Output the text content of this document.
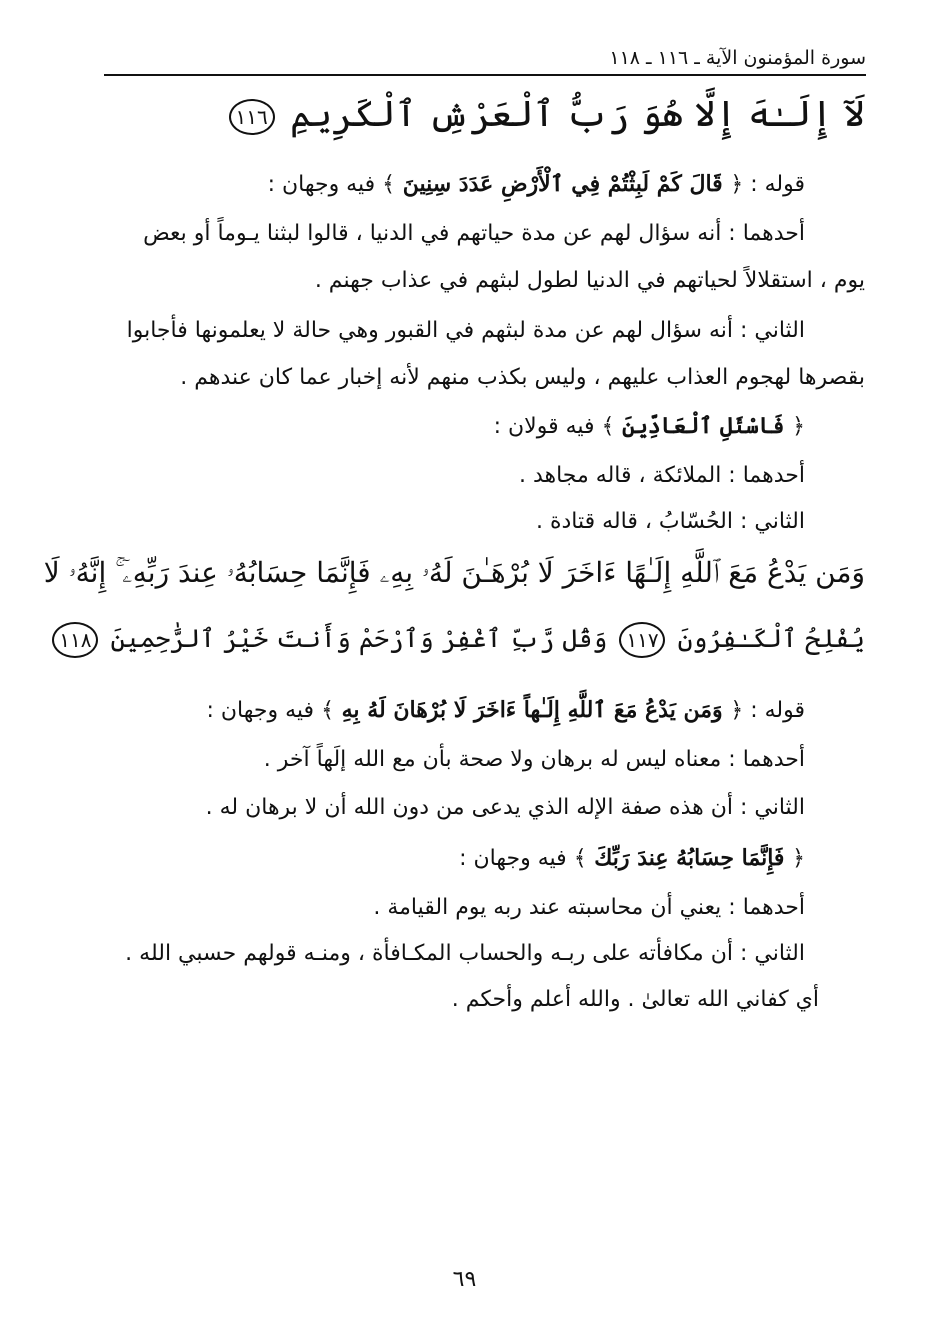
سورة المؤمنون الآية ـ ١١٦ ـ ١١٨
لَآ إِلَـٰهَ إِلَّا هُوَ رَبُّ ٱلْعَرْشِ ٱلْكَرِيمِ ١١٦
قوله : ﴿ قَالَ كَمْ لَبِثْتُمْ فِي ٱلْأَرْضِ عَدَدَ سِنِينَ ﴾ فيه وجهان :
أحدهما : أنه سؤال لهم عن مدة حياتهم في الدنيا ، قالوا لبثنا يـوماً أو بعض
يوم ، استقلالاً لحياتهم في الدنيا لطول لبثهم في عذاب جهنم .
الثاني : أنه سؤال لهم عن مدة لبثهم في القبور وهي حالة لا يعلمونها فأجابوا
بقصرها لهجوم العذاب عليهم ، وليس بكذب منهم لأنه إخبار عما كان عندهم .
﴿ فَاسْئَلِ ٱلْعَادِّينَ ﴾ فيه قولان :
أحدهما : الملائكة ، قاله مجاهد .
الثاني : الحُسّابُ ، قاله قتادة .
وَمَن يَدْعُ مَعَ ٱللَّهِ إِلَـٰهًا ءَاخَرَ لَا بُرْهَـٰنَ لَهُۥ بِهِۦ فَإِنَّمَا حِسَابُهُۥ عِندَ رَبِّهِۦٓ ۚ إِنَّهُۥ لَا
يُفْلِحُ ٱلْكَـٰفِرُونَ ١١٧ وَقُل رَّبِّ ٱغْفِرْ وَٱرْحَمْ وَأَنتَ خَيْرُ ٱلرَّٰحِمِينَ ١١٨
قوله : ﴿ وَمَن يَدْعُ مَعَ ٱللَّهِ إِلَـٰهاً ءَاخَرَ لَا بُرْهَانَ لَهُ بِهِ ﴾ فيه وجهان :
أحدهما : معناه ليس له برهان ولا صحة بأن مع الله إلَهاً آخر .
الثاني : أن هذه صفة الإله الذي يدعى من دون الله أن لا برهان له .
﴿ فَإِنَّمَا حِسَابُهُ عِندَ رَبِّكَ ﴾ فيه وجهان :
أحدهما : يعني أن محاسبته عند ربه يوم القيامة .
الثاني : أن مكافأته على ربـه والحساب المكـافأة ، ومنـه قولهم حسبي الله .
أي كفاني الله تعالىٰ . والله أعلم وأحكم .
٦٩
